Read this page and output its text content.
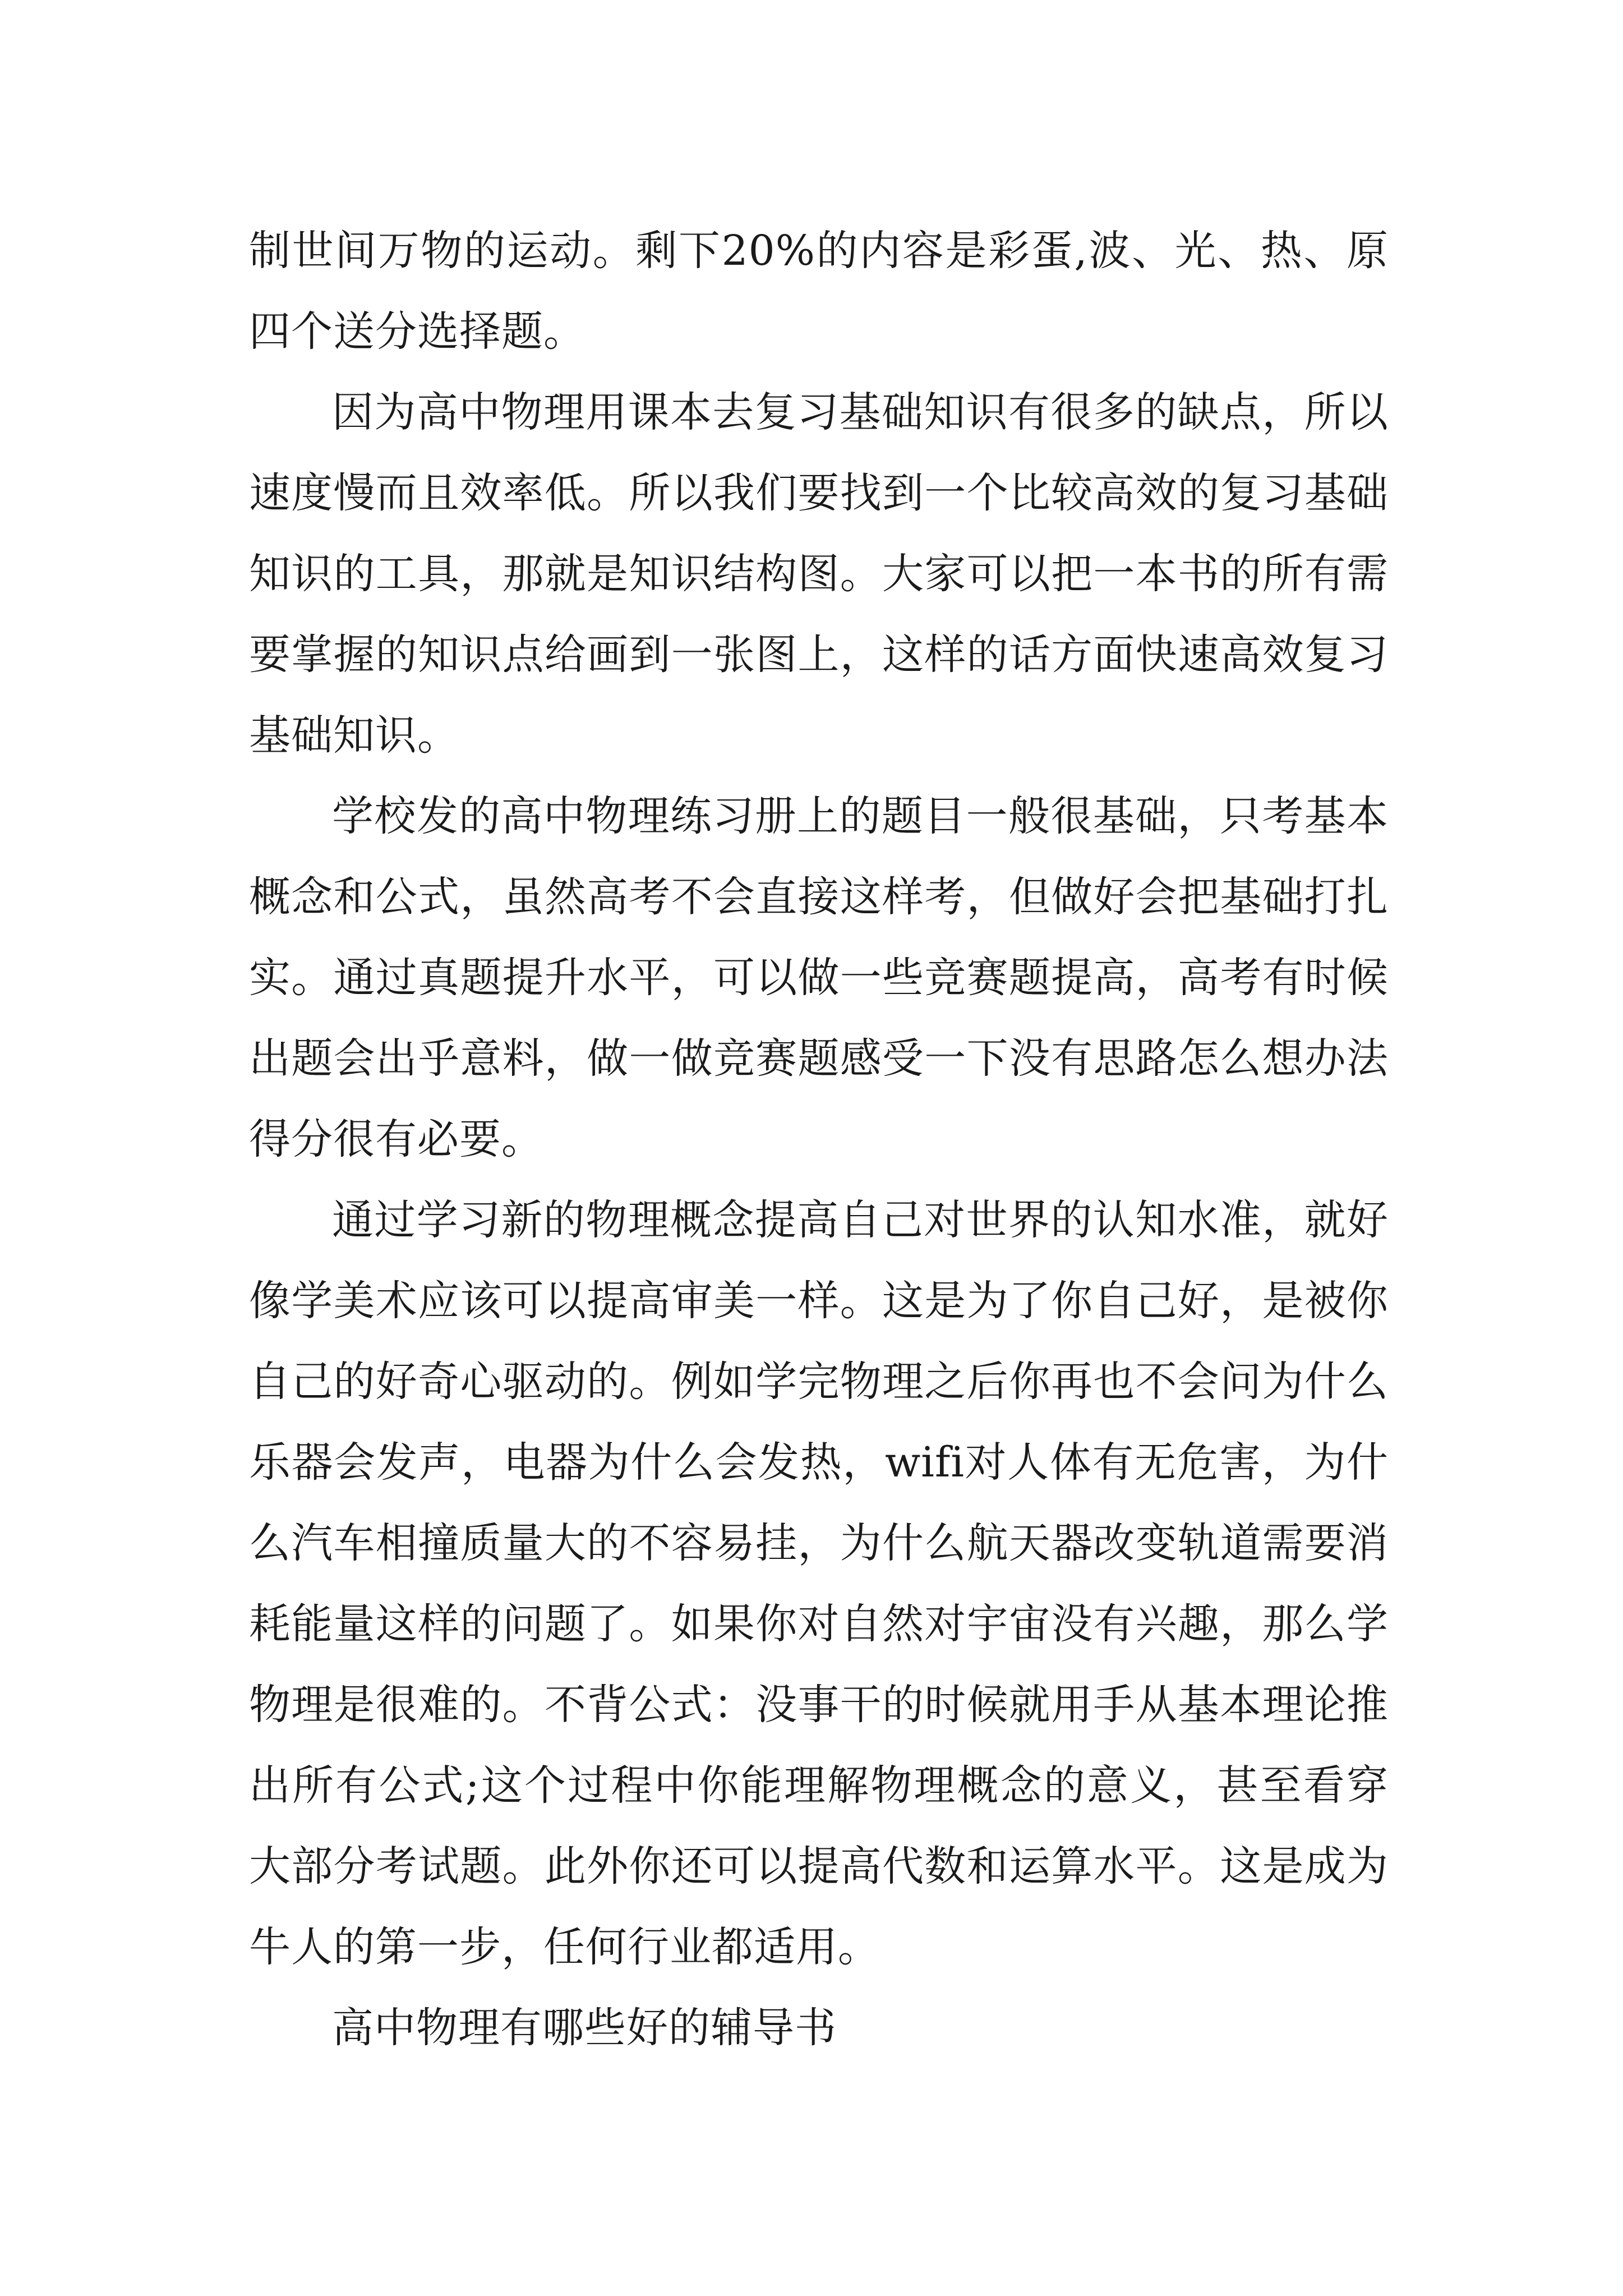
制世间万物的运动。剩下20%的内容是彩蛋,波、光、热、原四个送分选择题。

因为高中物理用课本去复习基础知识有很多的缺点，所以速度慢而且效率低。所以我们要找到一个比较高效的复习基础知识的工具，那就是知识结构图。大家可以把一本书的所有需要掌握的知识点给画到一张图上，这样的话方面快速高效复习基础知识。

学校发的高中物理练习册上的题目一般很基础，只考基本概念和公式，虽然高考不会直接这样考，但做好会把基础打扎实。通过真题提升水平，可以做一些竞赛题提高，高考有时候出题会出乎意料，做一做竞赛题感受一下没有思路怎么想办法得分很有必要。

通过学习新的物理概念提高自己对世界的认知水准，就好像学美术应该可以提高审美一样。这是为了你自己好，是被你自己的好奇心驱动的。例如学完物理之后你再也不会问为什么乐器会发声，电器为什么会发热，wifi对人体有无危害，为什么汽车相撞质量大的不容易挂，为什么航天器改变轨道需要消耗能量这样的问题了。如果你对自然对宇宙没有兴趣，那么学物理是很难的。不背公式：没事干的时候就用手从基本理论推出所有公式;这个过程中你能理解物理概念的意义，甚至看穿大部分考试题。此外你还可以提高代数和运算水平。这是成为牛人的第一步，任何行业都适用。

高中物理有哪些好的辅导书
